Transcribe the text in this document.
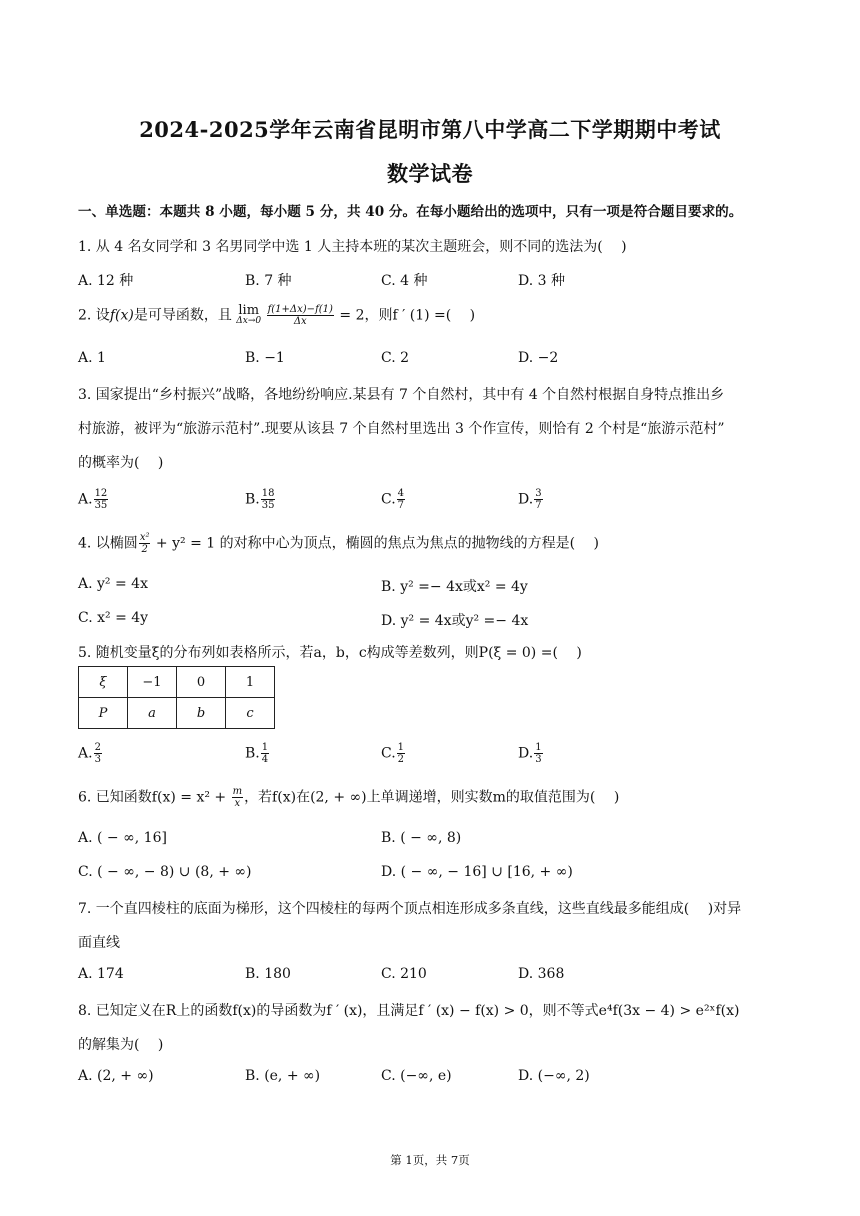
2024-2025学年云南省昆明市第八中学高二下学期期中考试
数学试卷
一、单选题：本题共 8 小题，每小题 5 分，共 40 分。在每小题给出的选项中，只有一项是符合题目要求的。
1. 从 4 名女同学和 3 名男同学中选 1 人主持本班的某次主题班会，则不同的选法为(　 )
A. 12 种	B. 7 种	C. 4 种	D. 3 种
2. 设f(x)是可导函数，且 lim
Δx→0
$\frac{f(1+\Delta x)-f(1)}{\Delta x} = 2$，则f ′ (1) =(　 )
A. 1	B. −1	C. 2	D. −2
3. 国家提出“乡村振兴”战略，各地纷纷响应.某县有 7 个自然村，其中有 4 个自然村根据自身特点推出乡
村旅游，被评为“旅游示范村”.现要从该县 7 个自然村里选出 3 个作宣传，则恰有 2 个村是“旅游示范村”
的概率为(　 )
A. $\frac{12}{35}$	B. $\frac{18}{35}$	C. $\frac{4}{7}$	D. $\frac{3}{7}$
4. 以椭圆 $\frac{\text{x²}}{2} + y^2 = 1$ 的对称中心为顶点，椭圆的焦点为焦点的抛物线的方程是(　 )
A. y² = 4x	B. y² =− 4x或x² = 4y
C. x² = 4y	D. y² = 4x或y² =− 4x
5. 随机变量ξ的分布列如表格所示，若a，b，c构成等差数列，则P(ξ = 0) =(　 )
ξ	−1	0	1
P	a	b	c
A. $\frac{2}{3}$	B. $\frac{1}{4}$	C. $\frac{1}{2}$	D. $\frac{1}{3}$
6. 已知函数$f(x) = x^2 + \frac{m}{x}$ ，若f(x)在(2, + ∞)上单调递增，则实数m的取值范围为(　 )
A. ( − ∞, 16]	B. ( − ∞, 8)
C. ( − ∞, − 8) ∪ (8, + ∞)	D. ( − ∞, − 16] ∪ [16, + ∞)
7. 一个直四棱柱的底面为梯形，这个四棱柱的每两个顶点相连形成多条直线，这些直线最多能组成(　 )对异
面直线
A. 174	B. 180	C. 210	D. 368
8. 已知定义在R上的函数f(x)的导函数为f ′ (x)，且满足f ′ (x) − f(x) > 0，则不等式e⁴f(3x − 4) > e²ˣf(x)
的解集为(　 )
A. (2, + ∞)	B. (e, + ∞)	C. (−∞, e)	D. (−∞, 2)
第 1页，共 7页
